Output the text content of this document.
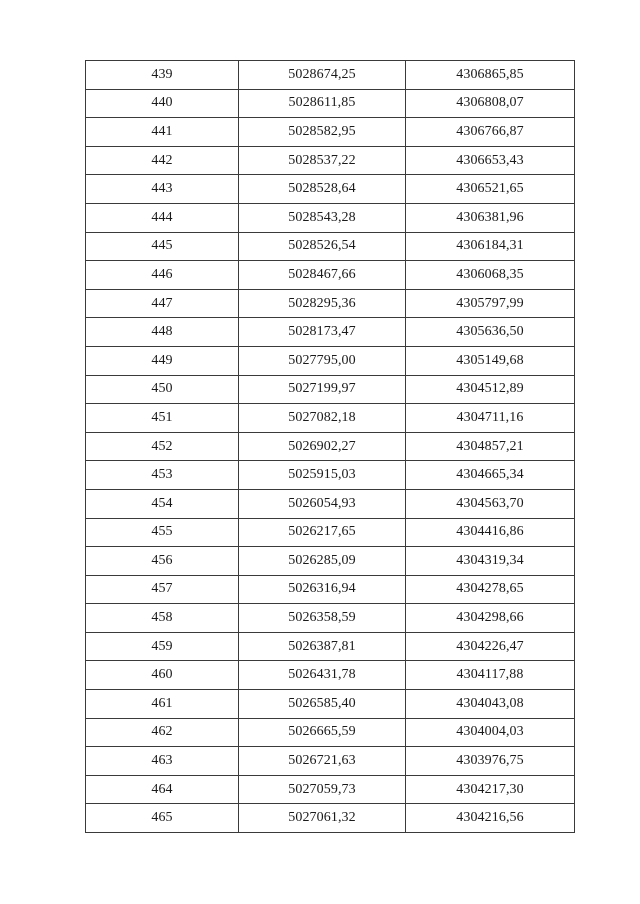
439	5028674,25	4306865,85
440	5028611,85	4306808,07
441	5028582,95	4306766,87
442	5028537,22	4306653,43
443	5028528,64	4306521,65
444	5028543,28	4306381,96
445	5028526,54	4306184,31
446	5028467,66	4306068,35
447	5028295,36	4305797,99
448	5028173,47	4305636,50
449	5027795,00	4305149,68
450	5027199,97	4304512,89
451	5027082,18	4304711,16
452	5026902,27	4304857,21
453	5025915,03	4304665,34
454	5026054,93	4304563,70
455	5026217,65	4304416,86
456	5026285,09	4304319,34
457	5026316,94	4304278,65
458	5026358,59	4304298,66
459	5026387,81	4304226,47
460	5026431,78	4304117,88
461	5026585,40	4304043,08
462	5026665,59	4304004,03
463	5026721,63	4303976,75
464	5027059,73	4304217,30
465	5027061,32	4304216,56
